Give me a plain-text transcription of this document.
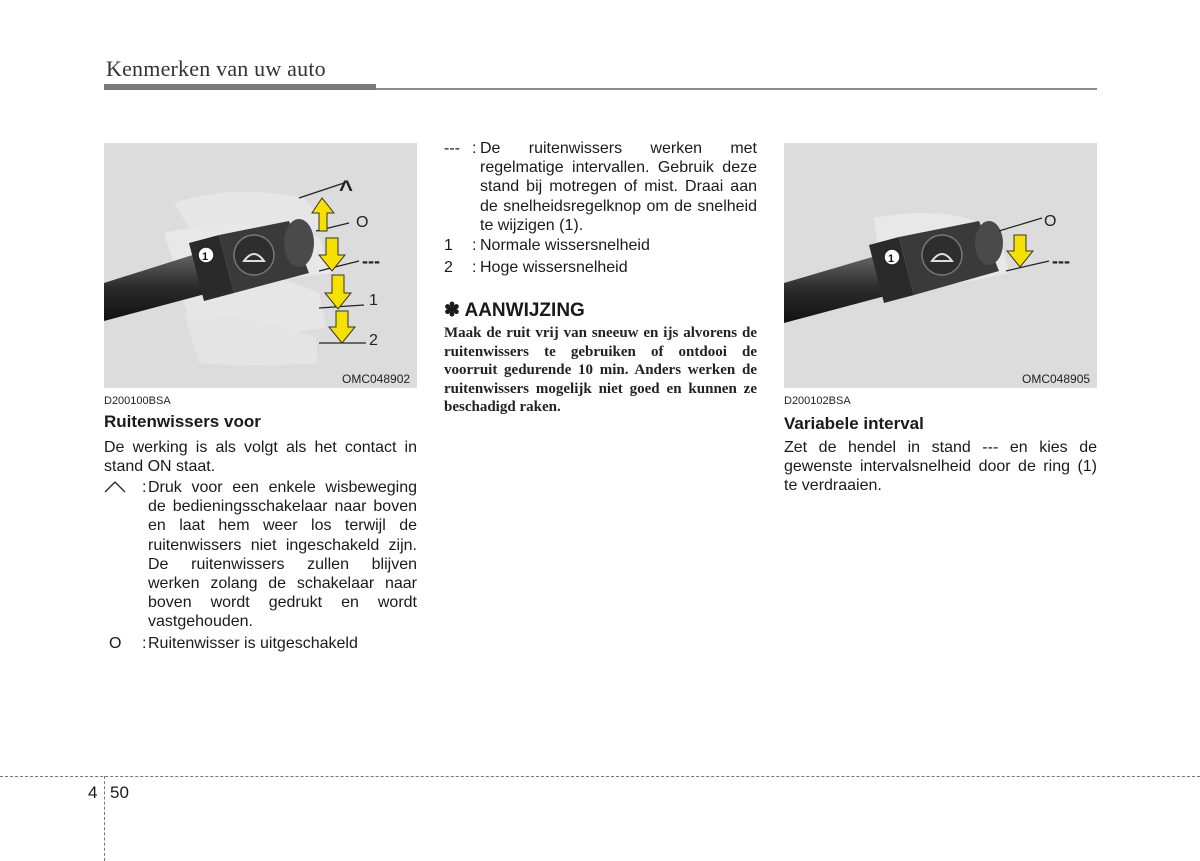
Kenmerken van uw auto
1
^
O
---
1
2
OMC048902
D200100BSA
Ruitenwissers voor
De werking is als volgt als het contact in stand ON staat.
: Druk voor een enkele wisbeweging de bedieningsschakelaar naar boven en laat hem weer los terwijl de ruitenwissers niet ingeschakeld zijn. De ruitenwissers zullen blijven werken zolang de schakelaar naar boven wordt gedrukt en wordt vastgehouden.
O : Ruitenwisser is uitgeschakeld
--- : De ruitenwissers werken met regelmatige intervallen. Gebruik deze stand bij motregen of mist. Draai aan de snelheidsregelknop om de snelheid te wijzigen (1).
1 : Normale wissersnelheid
2 : Hoge wissersnelheid
✽ AANWIJZING
Maak de ruit vrij van sneeuw en ijs alvorens de ruitenwissers te gebruiken of ontdooi de voorruit gedurende 10 min. Anders werken de ruitenwissers mogelijk niet goed en kunnen ze beschadigd raken.
1
O
---
OMC048905
D200102BSA
Variabele interval
Zet de hendel in stand --- en kies de gewenste intervalsnelheid door de ring (1) te verdraaien.
4 50
